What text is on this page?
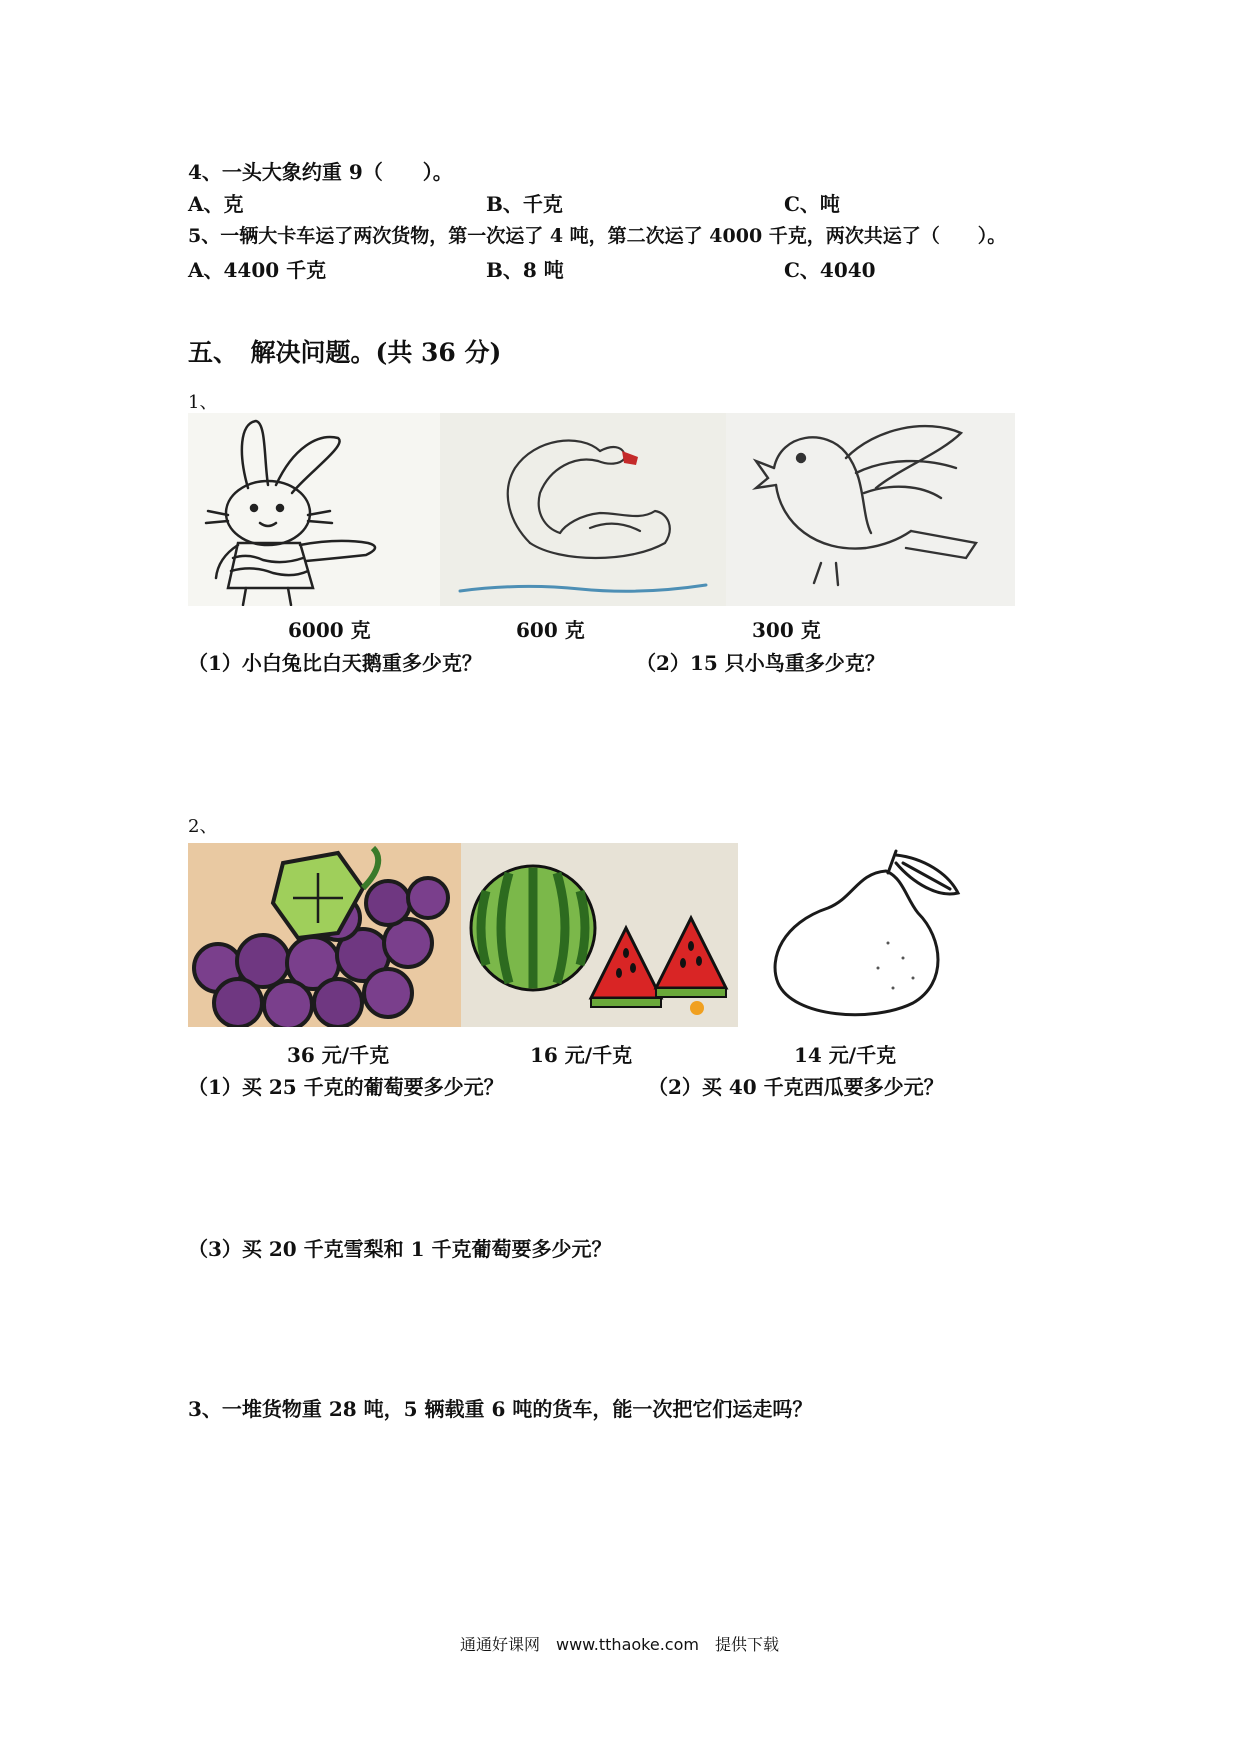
4、一头大象约重 9（　　）。
A、克	B、千克	C、吨
5、一辆大卡车运了两次货物，第一次运了 4 吨，第二次运了 4000 千克，两次共运了（　　）。
A、4400 千克	B、8 吨	C、4040
五、　解决问题。(共 36 分)
1、
6000 克	600 克	300 克
（1）小白兔比白天鹅重多少克？	（2）15 只小鸟重多少克？
2、
36 元/千克	16 元/千克	14 元/千克
（1）买 25 千克的葡萄要多少元？	（2）买 40 千克西瓜要多少元？
（3）买 20 千克雪梨和 1 千克葡萄要多少元？
3、一堆货物重 28 吨，5 辆载重 6 吨的货车，能一次把它们运走吗？
通通好课网　www.tthaoke.com　提供下载
